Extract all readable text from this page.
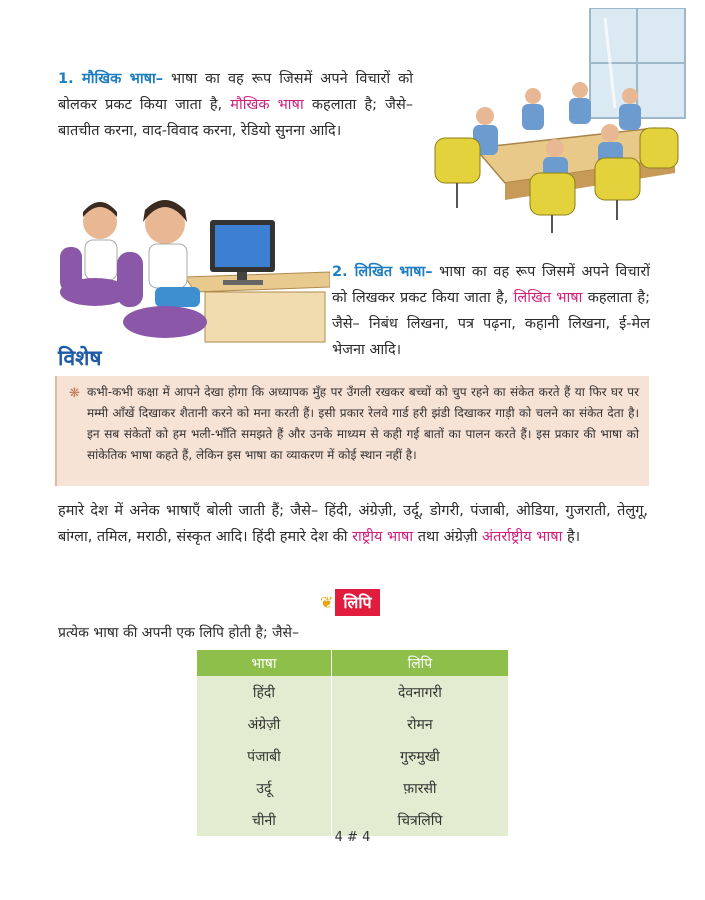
1. मौखिक भाषा– भाषा का वह रूप जिसमें अपने विचारों को बोलकर प्रकट किया जाता है, मौखिक भाषा कहलाता है; जैसे– बातचीत करना, वाद-विवाद करना, रेडियो सुनना आदि।

2. लिखित भाषा– भाषा का वह रूप जिसमें अपने विचारों को लिखकर प्रकट किया जाता है, लिखित भाषा कहलाता है; जैसे– निबंध लिखना, पत्र पढ़ना, कहानी लिखना, ई-मेल भेजना आदि।

विशेष
❋ कभी-कभी कक्षा में आपने देखा होगा कि अध्यापक मुँह पर उँगली रखकर बच्चों को चुप रहने का संकेत करते हैं या फिर घर पर मम्मी आँखें दिखाकर शैतानी करने को मना करती हैं। इसी प्रकार रेलवे गार्ड हरी झंडी दिखाकर गाड़ी को चलने का संकेत देता है। इन सब संकेतों को हम भली-भाँति समझते हैं और उनके माध्यम से कही गई बातों का पालन करते हैं। इस प्रकार की भाषा को सांकेतिक भाषा कहते हैं, लेकिन इस भाषा का व्याकरण में कोई स्थान नहीं है।

हमारे देश में अनेक भाषाएँ बोली जाती हैं; जैसे– हिंदी, अंग्रेज़ी, उर्दू, डोगरी, पंजाबी, ओडिया, गुजराती, तेलुगू, बांग्ला, तमिल, मराठी, संस्कृत आदि। हिंदी हमारे देश की राष्ट्रीय भाषा तथा अंग्रेज़ी अंतर्राष्ट्रीय भाषा है।

❦ लिपि

प्रत्येक भाषा की अपनी एक लिपि होती है; जैसे–

भाषा	लिपि
हिंदी	देवनागरी
अंग्रेज़ी	रोमन
पंजाबी	गुरुमुखी
उर्दू	फ़ारसी
चीनी	चित्रलिपि
4 # 4
